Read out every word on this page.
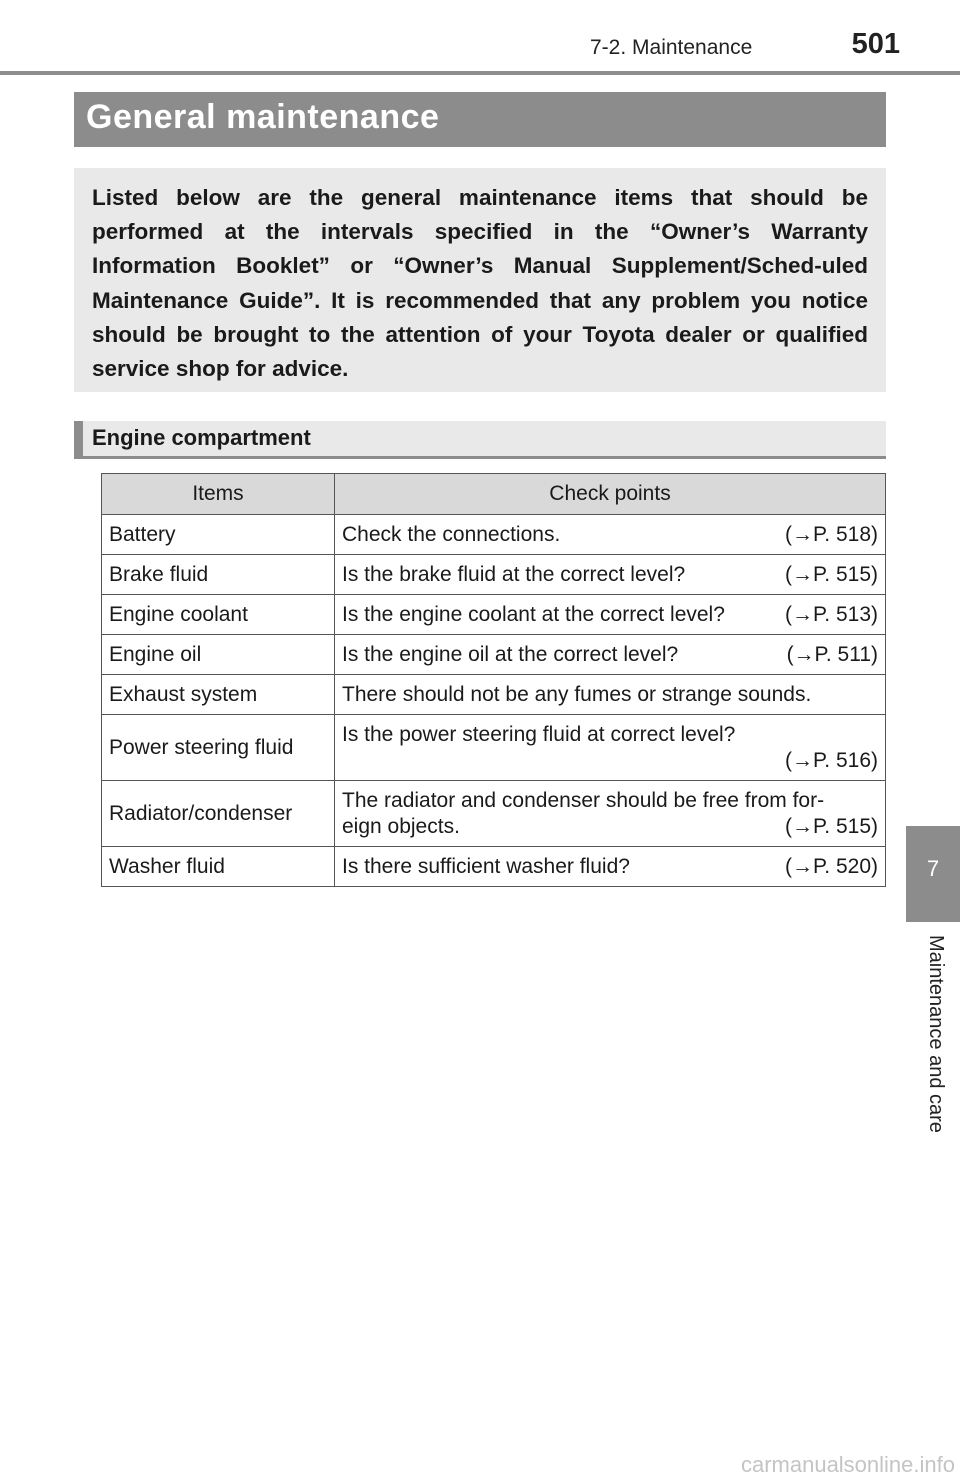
7-2. Maintenance	501
General maintenance

Listed below are the general maintenance items that should be performed at the intervals specified in the “Owner’s Warranty Information Booklet” or “Owner’s Manual Supplement/Sched-uled Maintenance Guide”. It is recommended that any problem you notice should be brought to the attention of your Toyota dealer or qualified service shop for advice.

Engine compartment
Items	Check points
Battery	Check the connections. (→P. 518)

Brake fluid	Is the brake fluid at the correct level? (→P. 515)

Engine coolant	Is the engine coolant at the correct level? (→P. 513)

Engine oil	Is the engine oil at the correct level? (→P. 511)

Exhaust system	There should not be any fumes or strange sounds.
Power steering fluid	Is the power steering fluid at correct level?
(→P. 516)

Radiator/condenser	The radiator and condenser should be free from for-
eign objects. (→P. 515)

Washer fluid	Is there sufficient washer fluid? (→P. 520)	7
Maintenance and care
carmanualsonline.info
